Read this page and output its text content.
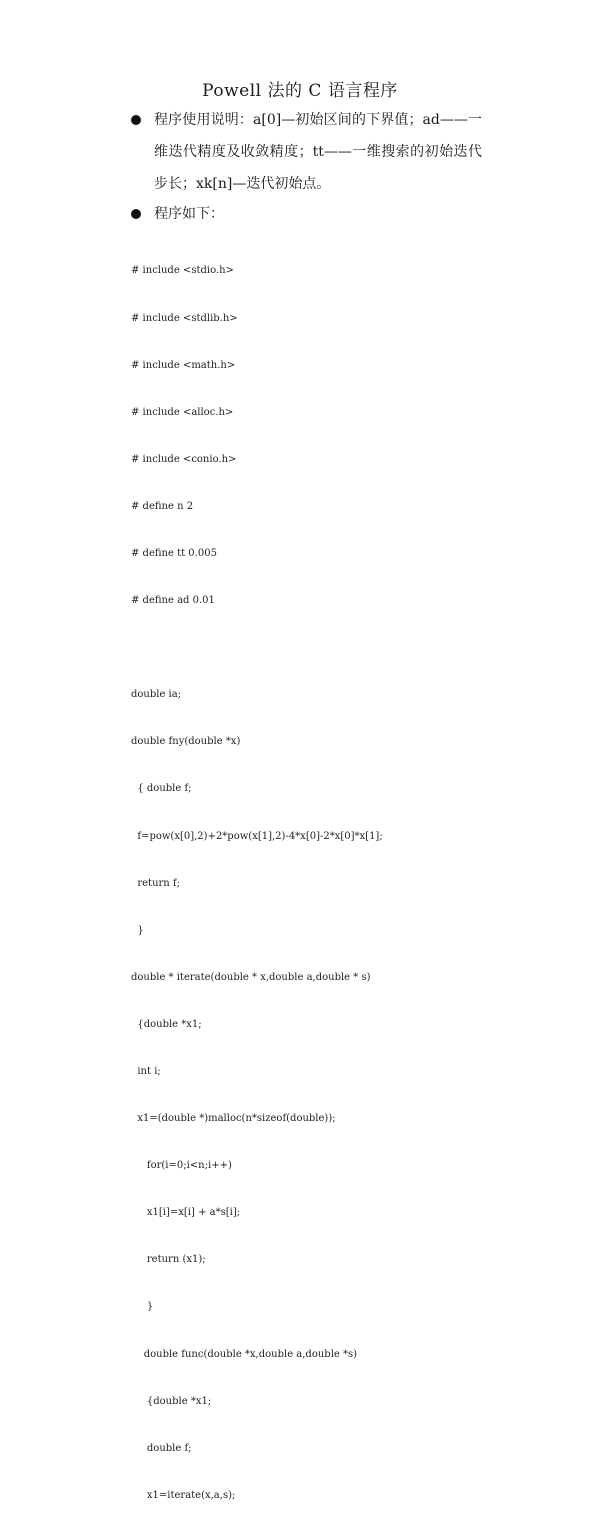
Powell 法的 C 语言程序
程序使用说明：a[0]—初始区间的下界值；ad——一维迭代精度及收敛精度；tt——一维搜索的初始迭代步长；xk[n]—迭代初始点。
程序如下：

# include <stdio.h>

# include <stdlib.h>

# include <math.h>

# include <alloc.h>

# include <conio.h>

# define n 2

# define tt 0.005

# define ad 0.01

double ia;

double fny(double *x)

{ double f;

f=pow(x[0],2)+2*pow(x[1],2)-4*x[0]-2*x[0]*x[1];

return f;

}

double * iterate(double * x,double a,double * s)

{double *x1;

int i;

x1=(double *)malloc(n*sizeof(double));

for(i=0;i<n;i++)

x1[i]=x[i] + a*s[i];

return (x1);

}

double func(double *x,double a,double *s)

{double *x1;

double f;

x1=iterate(x,a,s);
